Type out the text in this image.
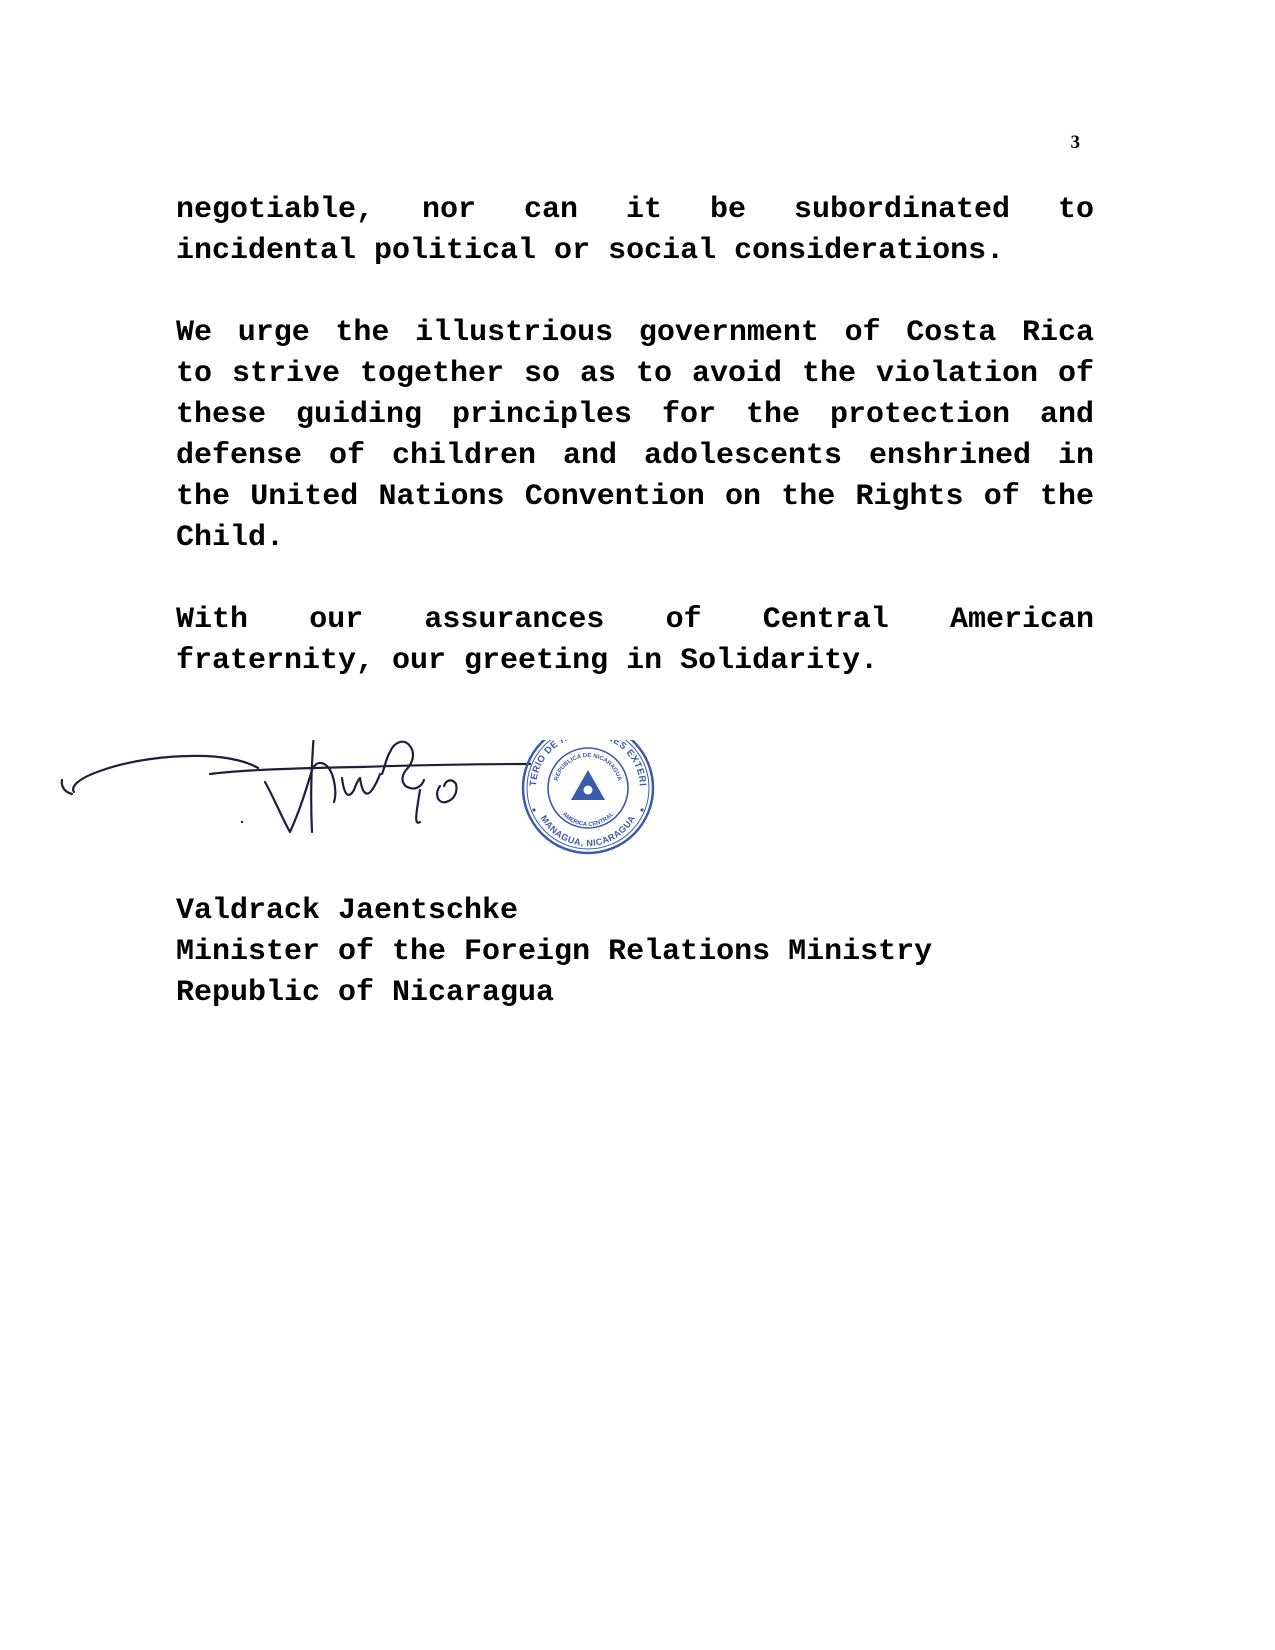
3

negotiable, nor can it be subordinated to incidental political or social considerations.

We urge the illustrious government of Costa Rica to strive together so as to avoid the violation of these guiding principles for the protection and defense of children and adolescents enshrined in the United Nations Convention on the Rights of the Child.

With our assurances of Central American fraternity, our greeting in Solidarity.

TERIO DE ES EXTERI
MANAGUA, NICARAGUA
REPUBLICA DE NICARAGUA
AMERICA CENTRAL
Valdrack Jaentschke
Minister of the Foreign Relations Ministry
Republic of Nicaragua
